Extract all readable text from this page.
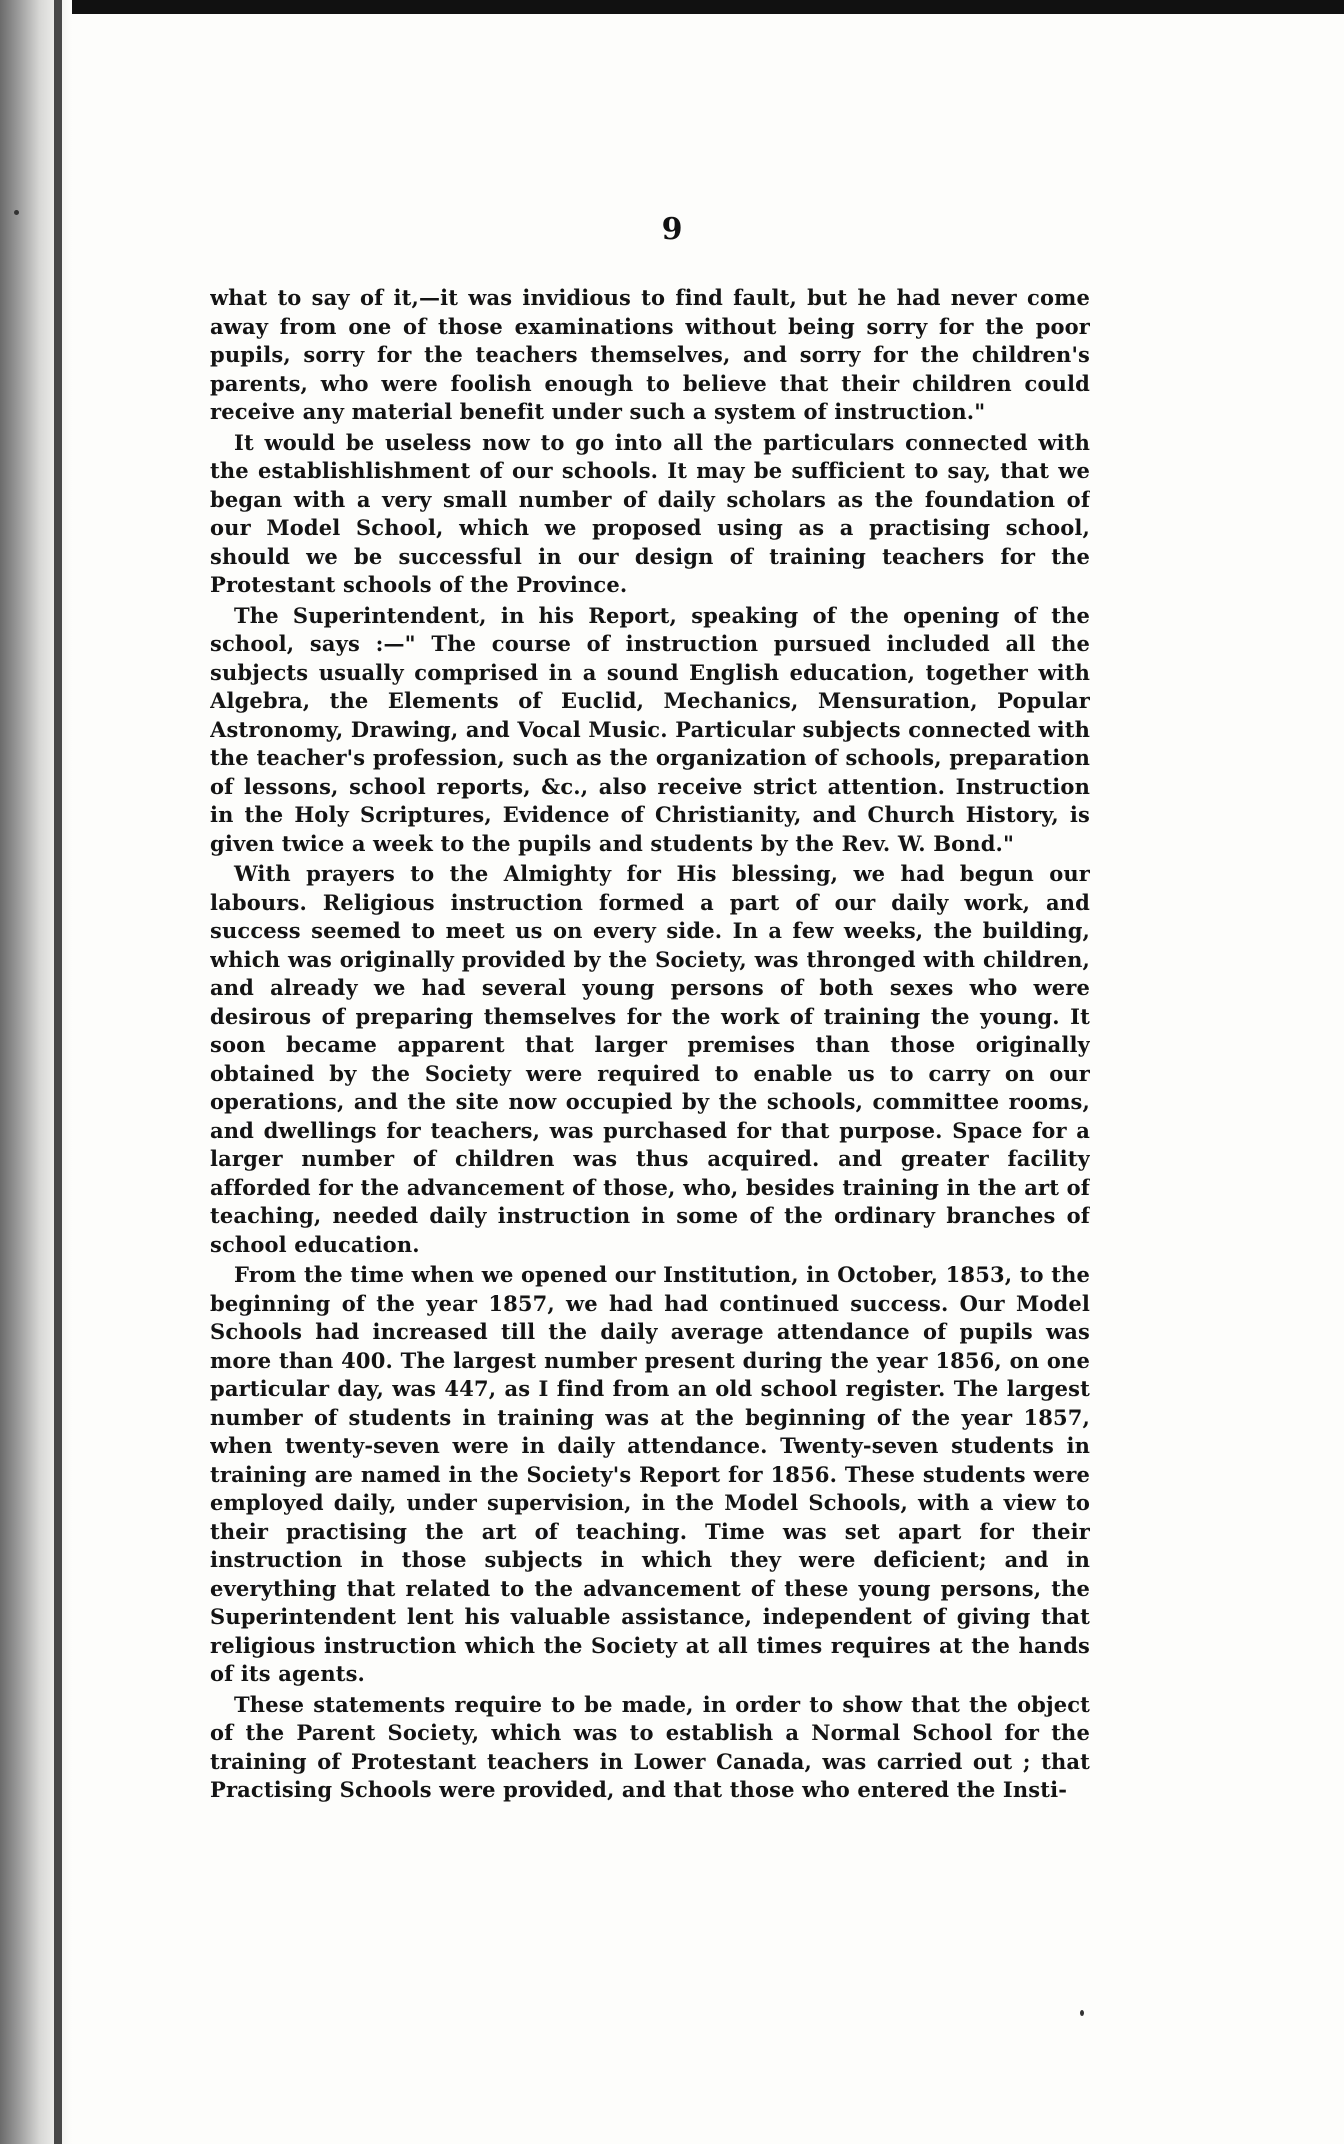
9

what to say of it,—it was invidious to find fault, but he had never come away from one of those examinations without being sorry for the poor pupils, sorry for the teachers themselves, and sorry for the children's parents, who were foolish enough to believe that their children could receive any material benefit under such a system of instruction."

It would be useless now to go into all the particulars connected with the establishlishment of our schools. It may be sufficient to say, that we began with a very small number of daily scholars as the foundation of our Model School, which we proposed using as a practising school, should we be successful in our design of training teachers for the Protestant schools of the Province.

The Superintendent, in his Report, speaking of the opening of the school, says :—" The course of instruction pursued included all the subjects usually comprised in a sound English education, together with Algebra, the Elements of Euclid, Mechanics, Mensuration, Popular Astronomy, Drawing, and Vocal Music. Particular subjects connected with the teacher's profession, such as the organization of schools, preparation of lessons, school reports, &c., also receive strict attention. Instruction in the Holy Scriptures, Evidence of Christianity, and Church History, is given twice a week to the pupils and students by the Rev. W. Bond."

With prayers to the Almighty for His blessing, we had begun our labours. Religious instruction formed a part of our daily work, and success seemed to meet us on every side. In a few weeks, the building, which was originally provided by the Society, was thronged with children, and already we had several young persons of both sexes who were desirous of preparing themselves for the work of training the young. It soon became apparent that larger premises than those originally obtained by the Society were required to enable us to carry on our operations, and the site now occupied by the schools, committee rooms, and dwellings for teachers, was purchased for that purpose. Space for a larger number of children was thus acquired. and greater facility afforded for the advancement of those, who, besides training in the art of teaching, needed daily instruction in some of the ordinary branches of school education.

From the time when we opened our Institution, in October, 1853, to the beginning of the year 1857, we had had continued success. Our Model Schools had increased till the daily average attendance of pupils was more than 400. The largest number present during the year 1856, on one particular day, was 447, as I find from an old school register. The largest number of students in training was at the beginning of the year 1857, when twenty-seven were in daily attendance. Twenty-seven students in training are named in the Society's Report for 1856. These students were employed daily, under supervision, in the Model Schools, with a view to their practising the art of teaching. Time was set apart for their instruction in those subjects in which they were deficient; and in everything that related to the advancement of these young persons, the Superintendent lent his valuable assistance, independent of giving that religious instruction which the Society at all times requires at the hands of its agents.

These statements require to be made, in order to show that the object of the Parent Society, which was to establish a Normal School for the training of Protestant teachers in Lower Canada, was carried out ; that Practising Schools were provided, and that those who entered the Insti-
